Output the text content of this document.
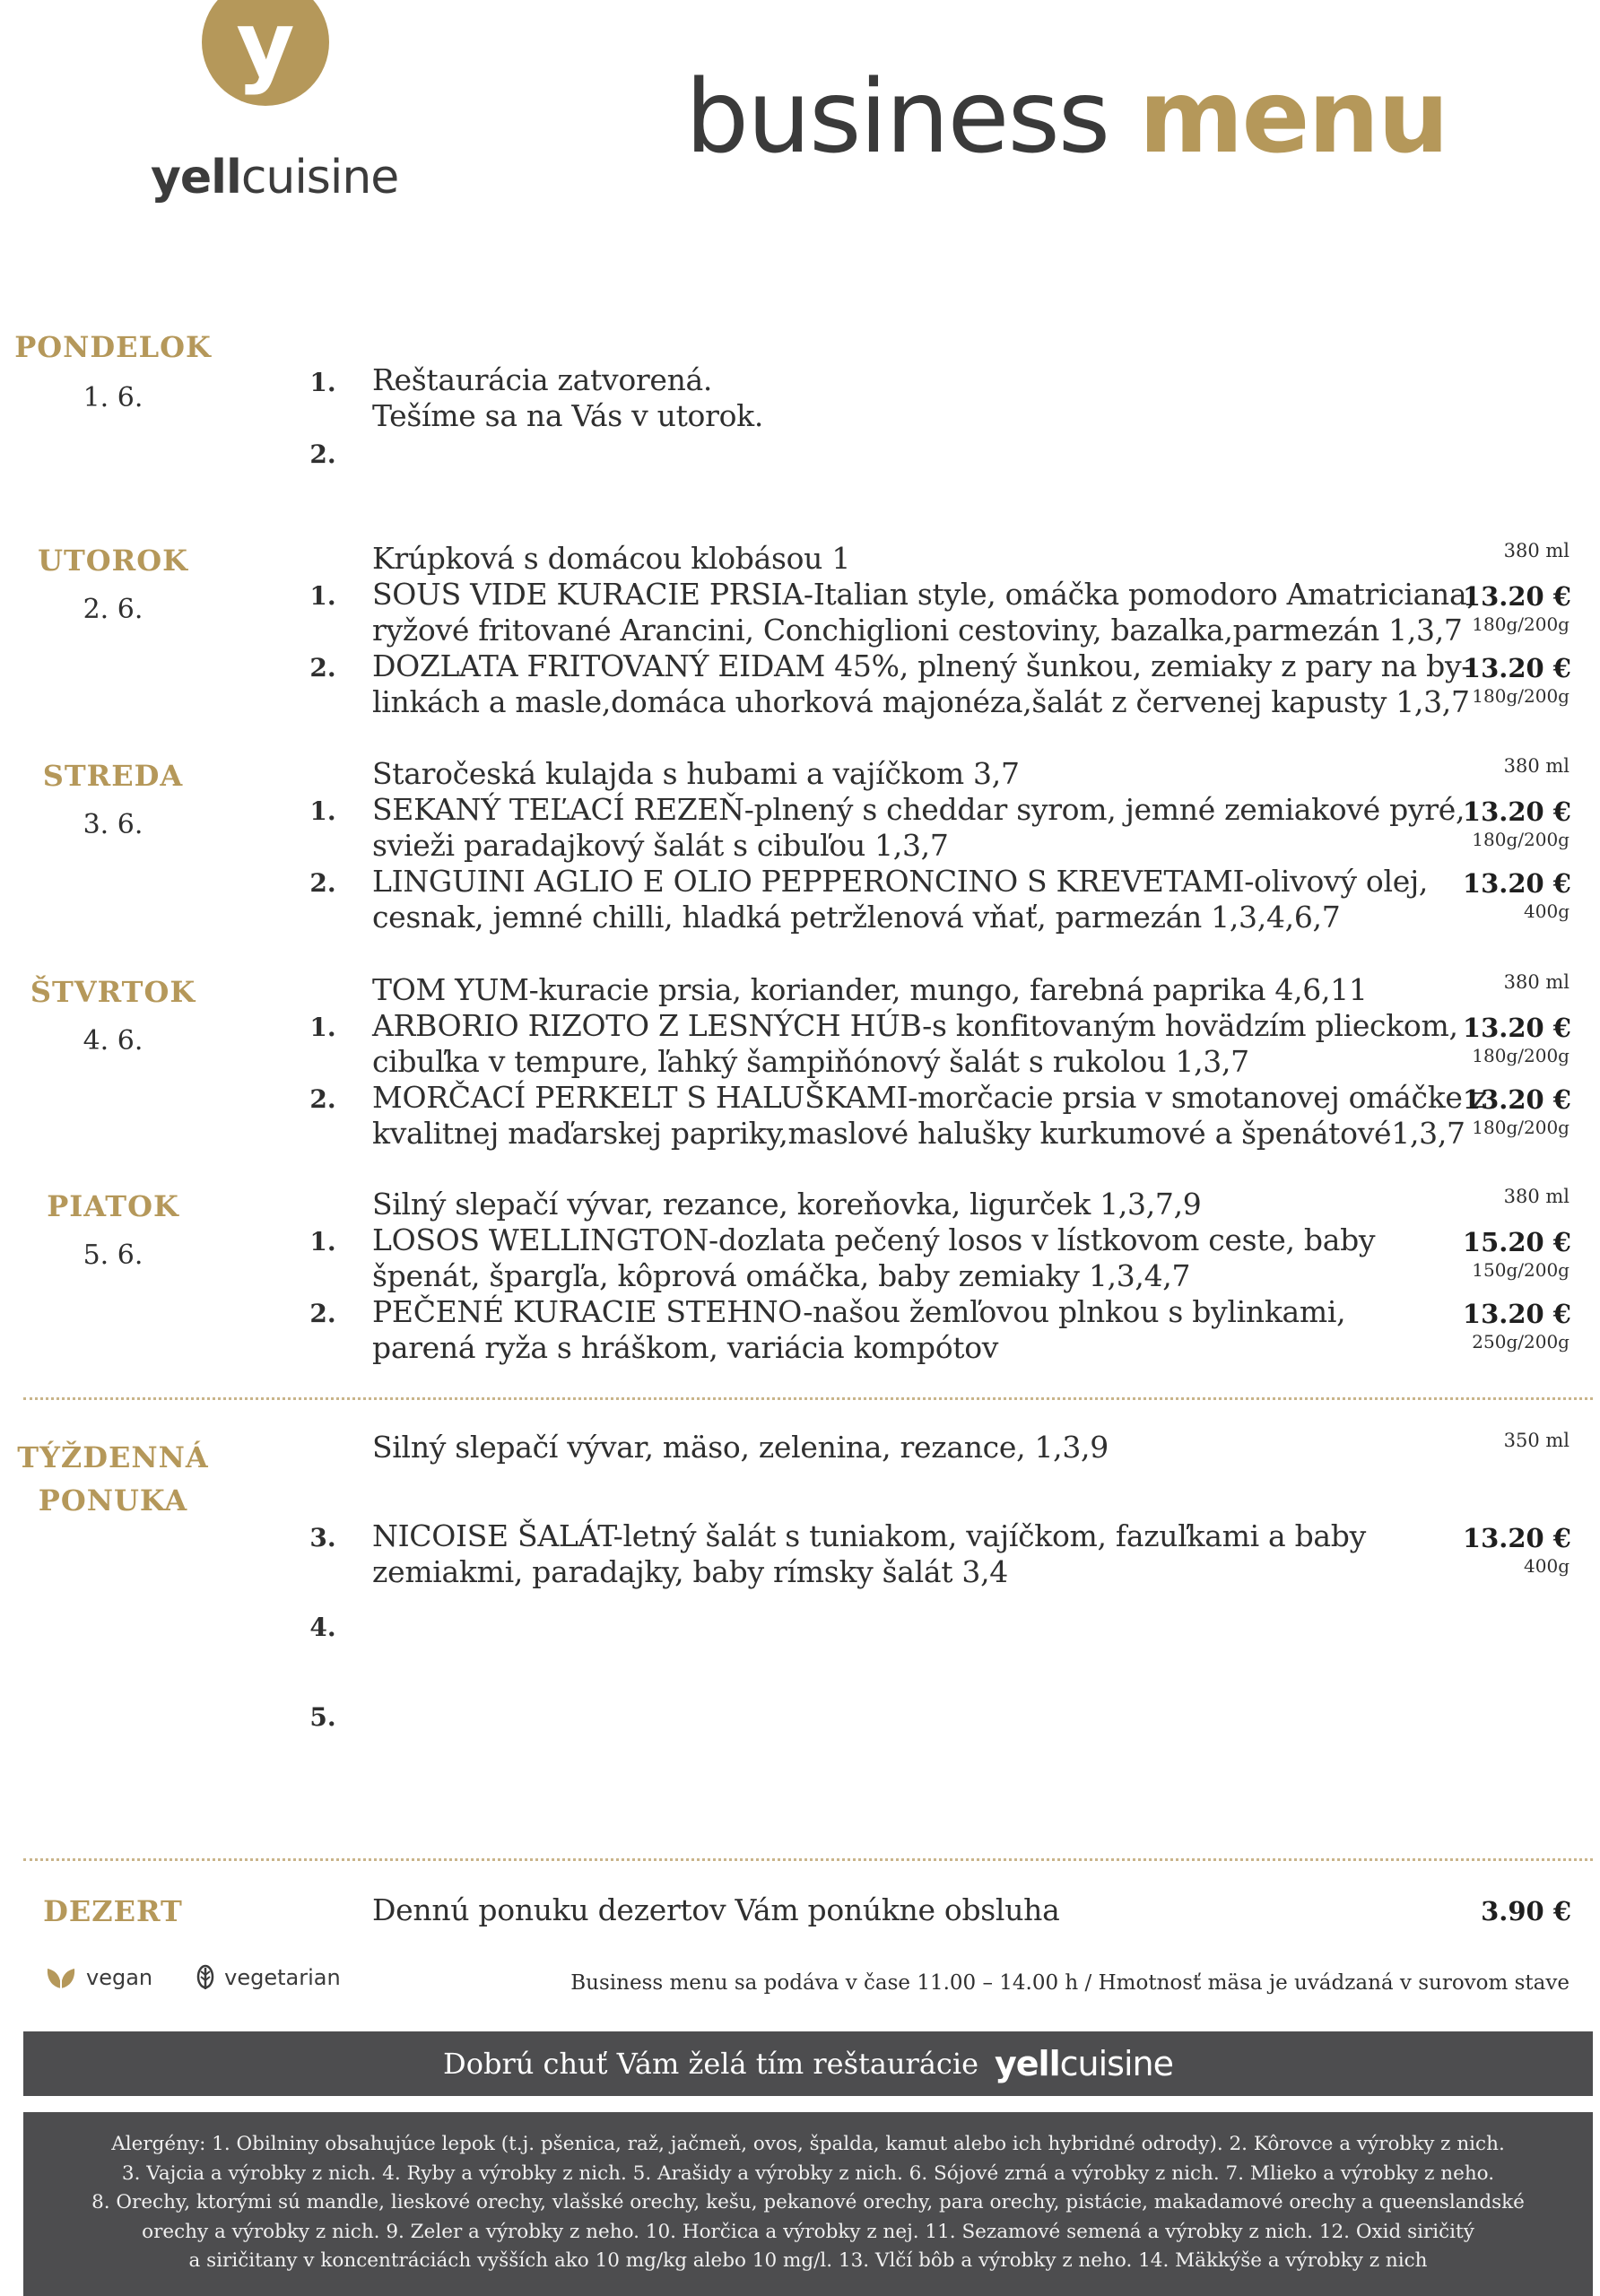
y
yellcuisine
business menu
PONDELOK
1. 6.	1. Reštaurácia zatvorená.
Tešíme sa na Vás v utorok.
2.
UTOROK
2. 6.
Krúpková s domácou klobásou 1	380 ml
1. SOUS VIDE KURACIE PRSIA-Italian style, omáčka pomodoro Amatriciana,
ryžové fritované Arancini, Conchiglioni cestoviny, bazalka,parmezán 1,3,7
13.20 €
180g/200g
2. DOZLATA FRITOVANÝ EIDAM 45%, plnený šunkou, zemiaky z pary na by-
linkách a masle,domáca uhorková majonéza,šalát z červenej kapusty 1,3,7
13.20 €
180g/200g
STREDA
3. 6.
Staročeská kulajda s hubami a vajíčkom 3,7	380 ml
1. SEKANÝ TEĽACÍ REZEŇ-plnený s cheddar syrom, jemné zemiakové pyré,
svieži paradajkový šalát s cibuľou 1,3,7
13.20 €
180g/200g
2. LINGUINI AGLIO E OLIO PEPPERONCINO S KREVETAMI-olivový olej,
cesnak, jemné chilli, hladká petržlenová vňať, parmezán 1,3,4,6,7
13.20 €
400g
ŠTVRTOK
4. 6.
TOM YUM-kuracie prsia, koriander, mungo, farebná paprika 4,6,11	380 ml
1. ARBORIO RIZOTO Z LESNÝCH HÚB-s konfitovaným hovädzím plieckom,
cibuľka v tempure, ľahký šampiňónový šalát s rukolou 1,3,7
13.20 €
180g/200g
2. MORČACÍ PERKELT S HALUŠKAMI-morčacie prsia v smotanovej omáčke z
kvalitnej maďarskej papriky,maslové halušky kurkumové a špenátové1,3,7
13.20 €
180g/200g
PIATOK
5. 6.
Silný slepačí vývar, rezance, koreňovka, ligurček 1,3,7,9	380 ml
1. LOSOS WELLINGTON-dozlata pečený losos v lístkovom ceste, baby
špenát, špargľa, kôprová omáčka, baby zemiaky 1,3,4,7
15.20 €
150g/200g
2. PEČENÉ KURACIE STEHNO-našou žemľovou plnkou s bylinkami,
parená ryža s hráškom, variácia kompótov
13.20 €
250g/200g
TÝŽDENNÁ
PONUKA
Silný slepačí vývar, mäso, zelenina, rezance, 1,3,9	350 ml
3. NICOISE ŠALÁT-letný šalát s tuniakom, vajíčkom, fazuľkami a baby
zemiakmi, paradajky, baby rímsky šalát 3,4
13.20 €
400g
4.
5.
DEZERT	Dennú ponuku dezertov Vám ponúkne obsluha	3.90 €
vegan	vegetarian	Business menu sa podáva v čase 11.00 – 14.00 h / Hmotnosť mäsa je uvádzaná v surovom stave
Dobrú chuť Vám želá tím reštaurácie yellcuisine
Alergény: 1. Obilniny obsahujúce lepok (t.j. pšenica, raž, jačmeň, ovos, špalda, kamut alebo ich hybridné odrody). 2. Kôrovce a výrobky z nich.
3. Vajcia a výrobky z nich. 4. Ryby a výrobky z nich. 5. Arašidy a výrobky z nich. 6. Sójové zrná a výrobky z nich. 7. Mlieko a výrobky z neho.
8. Orechy, ktorými sú mandle, lieskové orechy, vlašské orechy, kešu, pekanové orechy, para orechy, pistácie, makadamové orechy a queenslandské
orechy a výrobky z nich. 9. Zeler a výrobky z neho. 10. Horčica a výrobky z nej. 11. Sezamové semená a výrobky z nich. 12. Oxid siričitý
a siričitany v koncentráciách vyšších ako 10 mg/kg alebo 10 mg/l. 13. Vlčí bôb a výrobky z neho. 14. Mäkkýše a výrobky z nich
